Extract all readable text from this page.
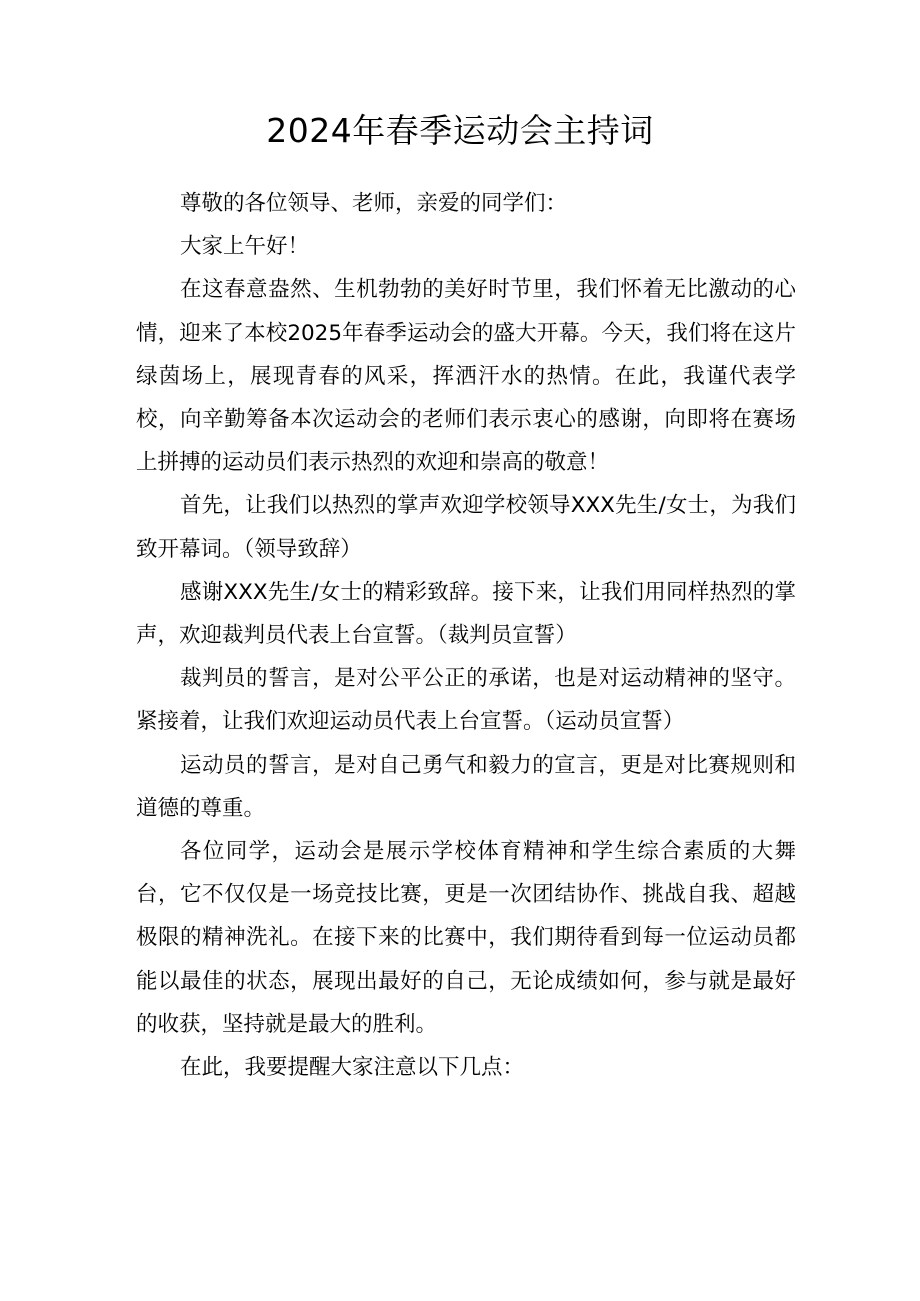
2024年春季运动会主持词

尊敬的各位领导、老师，亲爱的同学们：

大家上午好！

在这春意盎然、生机勃勃的美好时节里，我们怀着无比激动的心情，迎来了本校2025年春季运动会的盛大开幕。今天，我们将在这片绿茵场上，展现青春的风采，挥洒汗水的热情。在此，我谨代表学校，向辛勤筹备本次运动会的老师们表示衷心的感谢，向即将在赛场上拼搏的运动员们表示热烈的欢迎和崇高的敬意！

首先，让我们以热烈的掌声欢迎学校领导XXX先生/女士，为我们致开幕词。（领导致辞）

感谢XXX先生/女士的精彩致辞。接下来，让我们用同样热烈的掌声，欢迎裁判员代表上台宣誓。（裁判员宣誓）

裁判员的誓言，是对公平公正的承诺，也是对运动精神的坚守。紧接着，让我们欢迎运动员代表上台宣誓。（运动员宣誓）

运动员的誓言，是对自己勇气和毅力的宣言，更是对比赛规则和道德的尊重。

各位同学，运动会是展示学校体育精神和学生综合素质的大舞台，它不仅仅是一场竞技比赛，更是一次团结协作、挑战自我、超越极限的精神洗礼。在接下来的比赛中，我们期待看到每一位运动员都能以最佳的状态，展现出最好的自己，无论成绩如何，参与就是最好的收获，坚持就是最大的胜利。

在此，我要提醒大家注意以下几点：
